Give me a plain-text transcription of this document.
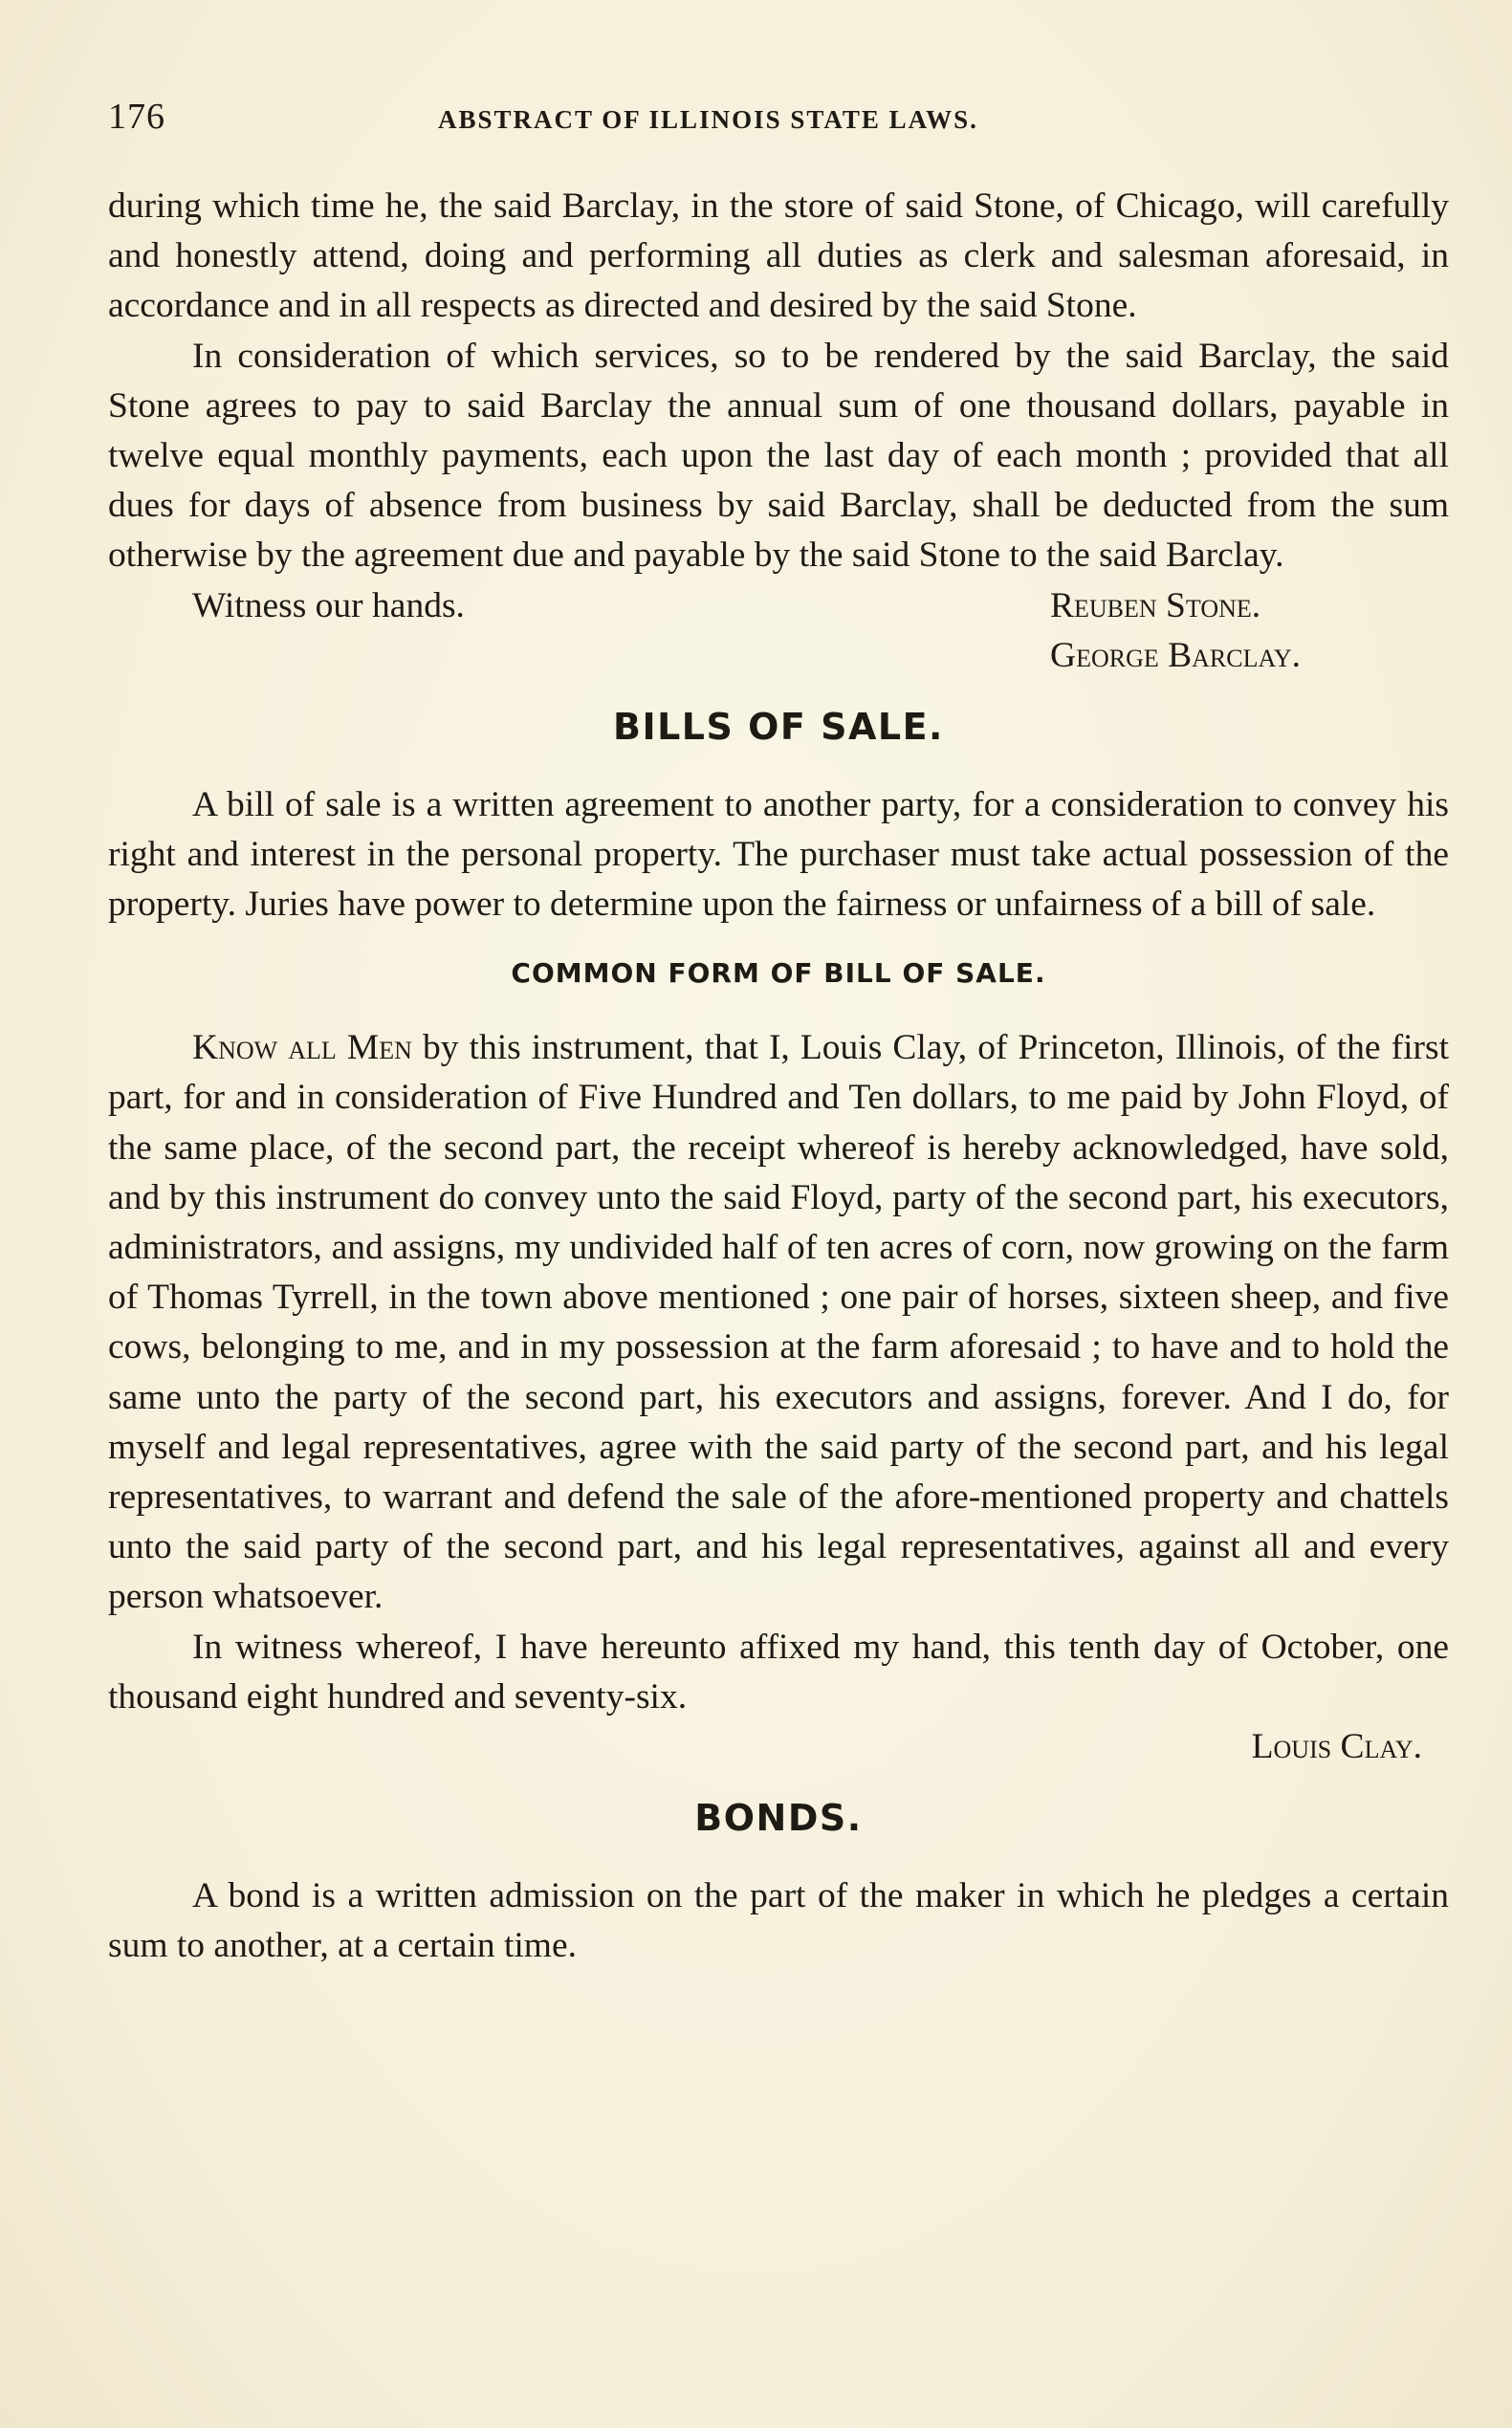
176	ABSTRACT OF ILLINOIS STATE LAWS.

during which time he, the said Barclay, in the store of said Stone, of Chicago, will carefully and honestly attend, doing and performing all duties as clerk and salesman aforesaid, in accordance and in all respects as directed and desired by the said Stone.

In consideration of which services, so to be rendered by the said Barclay, the said Stone agrees to pay to said Barclay the annual sum of one thousand dollars, payable in twelve equal monthly payments, each upon the last day of each month ; provided that all dues for days of absence from business by said Barclay, shall be deducted from the sum otherwise by the agreement due and payable by the said Stone to the said Barclay.

Witness our hands.	Reuben Stone.
George Barclay.
BILLS OF SALE.

A bill of sale is a written agreement to another party, for a consideration to convey his right and interest in the personal property. The purchaser must take actual possession of the property. Juries have power to determine upon the fairness or unfairness of a bill of sale.

COMMON FORM OF BILL OF SALE.

Know all Men by this instrument, that I, Louis Clay, of Princeton, Illinois, of the first part, for and in consideration of Five Hundred and Ten dollars, to me paid by John Floyd, of the same place, of the second part, the receipt whereof is hereby acknowledged, have sold, and by this instrument do convey unto the said Floyd, party of the second part, his executors, administrators, and assigns, my undivided half of ten acres of corn, now growing on the farm of Thomas Tyrrell, in the town above mentioned ; one pair of horses, sixteen sheep, and five cows, belonging to me, and in my possession at the farm aforesaid ; to have and to hold the same unto the party of the second part, his executors and assigns, forever. And I do, for myself and legal representatives, agree with the said party of the second part, and his legal representatives, to warrant and defend the sale of the afore-mentioned property and chattels unto the said party of the second part, and his legal representatives, against all and every person whatsoever.

In witness whereof, I have hereunto affixed my hand, this tenth day of October, one thousand eight hundred and seventy-six.

Louis Clay.
BONDS.

A bond is a written admission on the part of the maker in which he pledges a certain sum to another, at a certain time.
